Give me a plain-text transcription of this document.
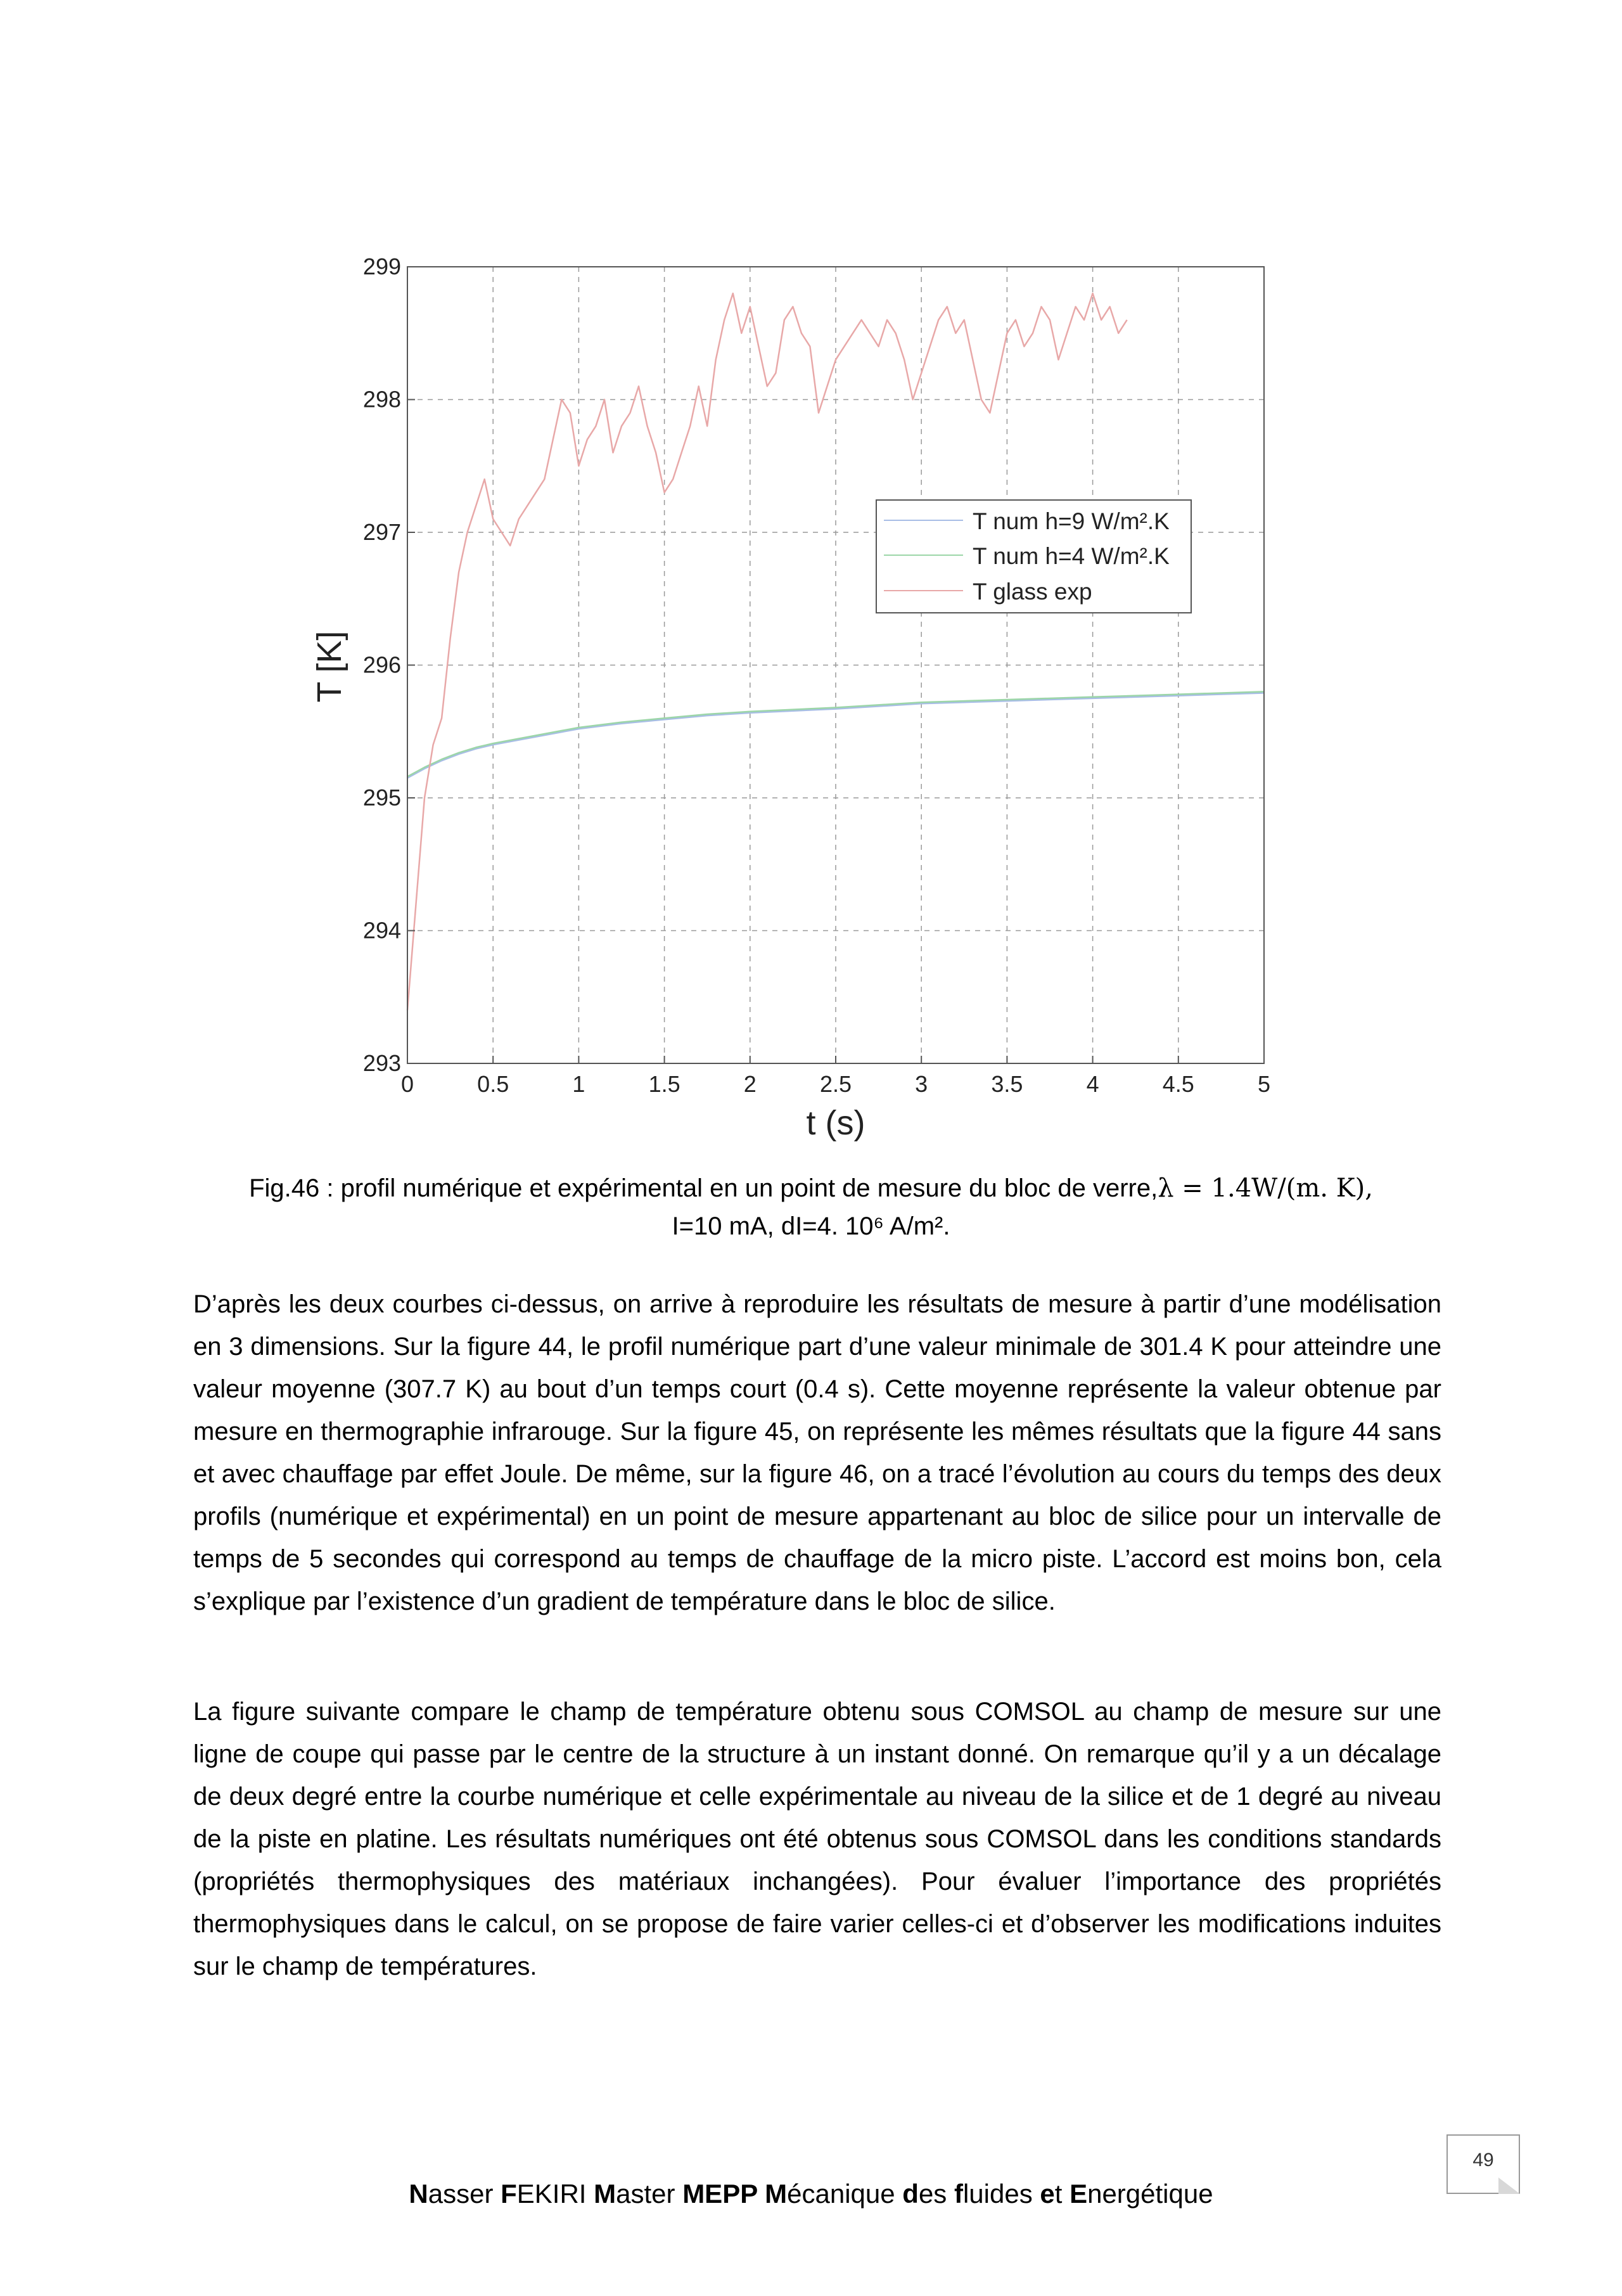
0	0.5	1	1.5	2	2.5	3	3.5	4	4.5	5
293
294
295
296
297
298
299
t (s)
T [K]
T num h=9 W/m².K
T num h=4 W/m².K
T glass exp
Fig.46 : profil numérique et expérimental en un point de mesure du bloc de verre,λ = 1.4W/(m. K),
I=10 mA, dI=4. 10⁶ A/m².

D’après les deux courbes ci-dessus, on arrive à reproduire les résultats de mesure à partir d’une modélisation en 3 dimensions. Sur la figure 44, le profil numérique part d’une valeur minimale de 301.4 K pour atteindre une valeur moyenne (307.7 K) au bout d’un temps court (0.4 s). Cette moyenne représente la valeur obtenue par mesure en thermographie infrarouge. Sur la figure 45, on représente les mêmes résultats que la figure 44 sans et avec chauffage par effet Joule. De même, sur la figure 46, on a tracé l’évolution au cours du temps des deux profils (numérique et expérimental) en un point de mesure appartenant au bloc de silice pour un intervalle de temps de 5 secondes qui correspond au temps de chauffage de la micro piste. L’accord est moins bon, cela s’explique par l’existence d’un gradient de température dans le bloc de silice.

La figure suivante compare le champ de température obtenu sous COMSOL au champ de mesure sur une ligne de coupe qui passe par le centre de la structure à un instant donné. On remarque qu’il y a un décalage de deux degré entre la courbe numérique et celle expérimentale au niveau de la silice et de 1 degré au niveau de la piste en platine. Les résultats numériques ont été obtenus sous COMSOL dans les conditions standards (propriétés thermophysiques des matériaux inchangées). Pour évaluer l’importance des propriétés thermophysiques dans le calcul, on se propose de faire varier celles-ci et d’observer les modifications induites sur le champ de températures.

49
Nasser FEKIRI Master MEPP Mécanique des fluides et Energétique
